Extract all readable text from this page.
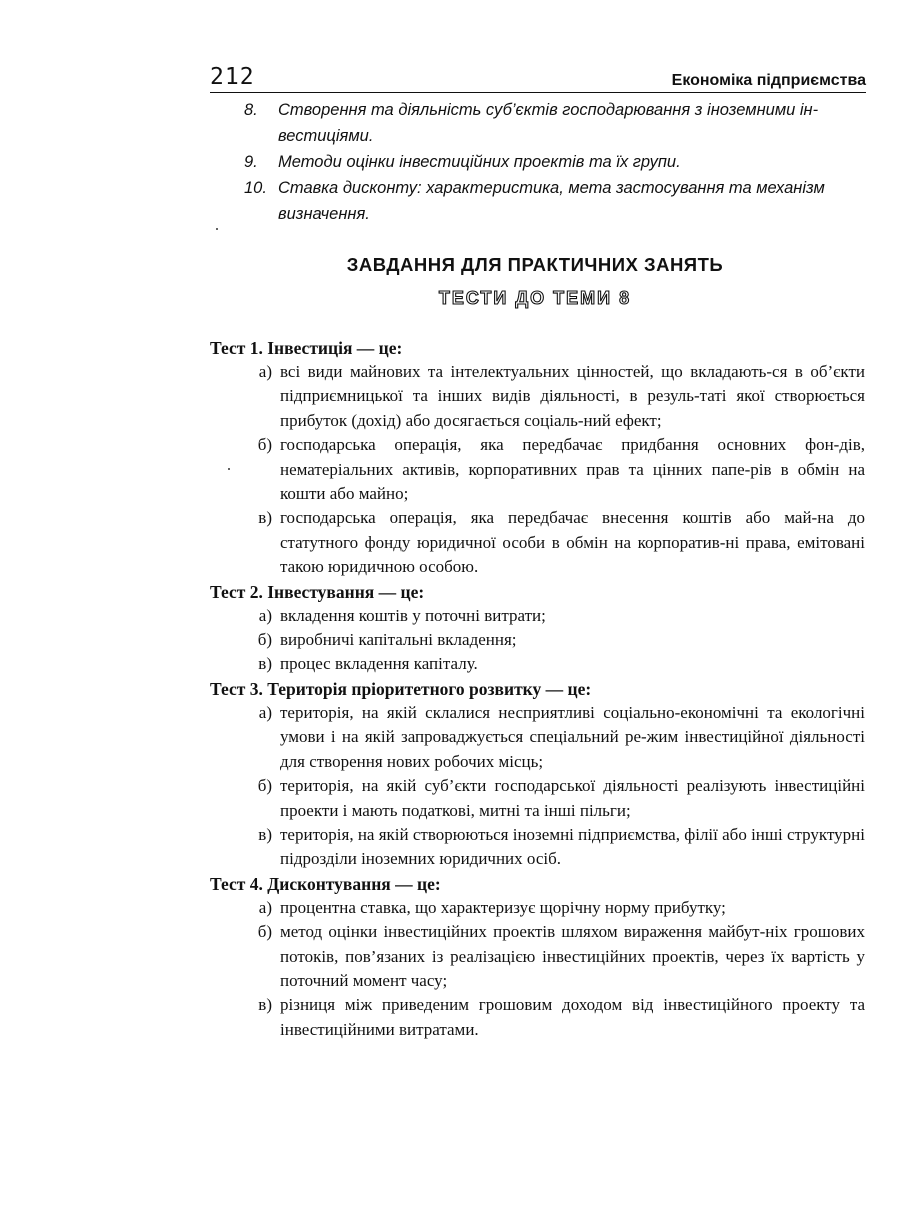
212	Економіка підприємства
8.	Створення та діяльність суб’єктів господарювання з іноземними ін-вестиціями.
9.	Методи оцінки інвестиційних проектів та їх групи.
10. Ставка дисконту: характеристика, мета застосування та механізм визначення.
ЗАВДАННЯ ДЛЯ ПРАКТИЧНИХ ЗАНЯТЬ
ТЕСТИ ДО ТЕМИ 8
Тест 1. Інвестиція — це:
а) всі види майнових та інтелектуальних цінностей, що вкладають-ся в об’єкти підприємницької та інших видів діяльності, в резуль-таті якої створюється прибуток (дохід) або досягається соціаль-ний ефект;
б) господарська операція, яка передбачає придбання основних фон-дів, нематеріальних активів, корпоративних прав та цінних папе-рів в обмін на кошти або майно;
в) господарська операція, яка передбачає внесення коштів або май-на до статутного фонду юридичної особи в обмін на корпоратив-ні права, емітовані такою юридичною особою.
Тест 2. Інвестування — це:
а) вкладення коштів у поточні витрати;
б) виробничі капітальні вкладення;
в) процес вкладення капіталу.
Тест 3. Територія пріоритетного розвитку — це:
а) територія, на якій склалися несприятливі соціально-економічні та екологічні умови і на якій запроваджується спеціальний ре-жим інвестиційної діяльності для створення нових робочих місць;
б) територія, на якій суб’єкти господарської діяльності реалізують інвестиційні проекти і мають податкові, митні та інші пільги;
в) територія, на якій створюються іноземні підприємства, філії або інші структурні підрозділи іноземних юридичних осіб.
Тест 4. Дисконтування — це:
а) процентна ставка, що характеризує щорічну норму прибутку;
б) метод оцінки інвестиційних проектів шляхом вираження майбут-ніх грошових потоків, пов’язаних із реалізацією інвестиційних проектів, через їх вартість у поточний момент часу;
в) різниця між приведеним грошовим доходом від інвестиційного проекту та інвестиційними витратами.
